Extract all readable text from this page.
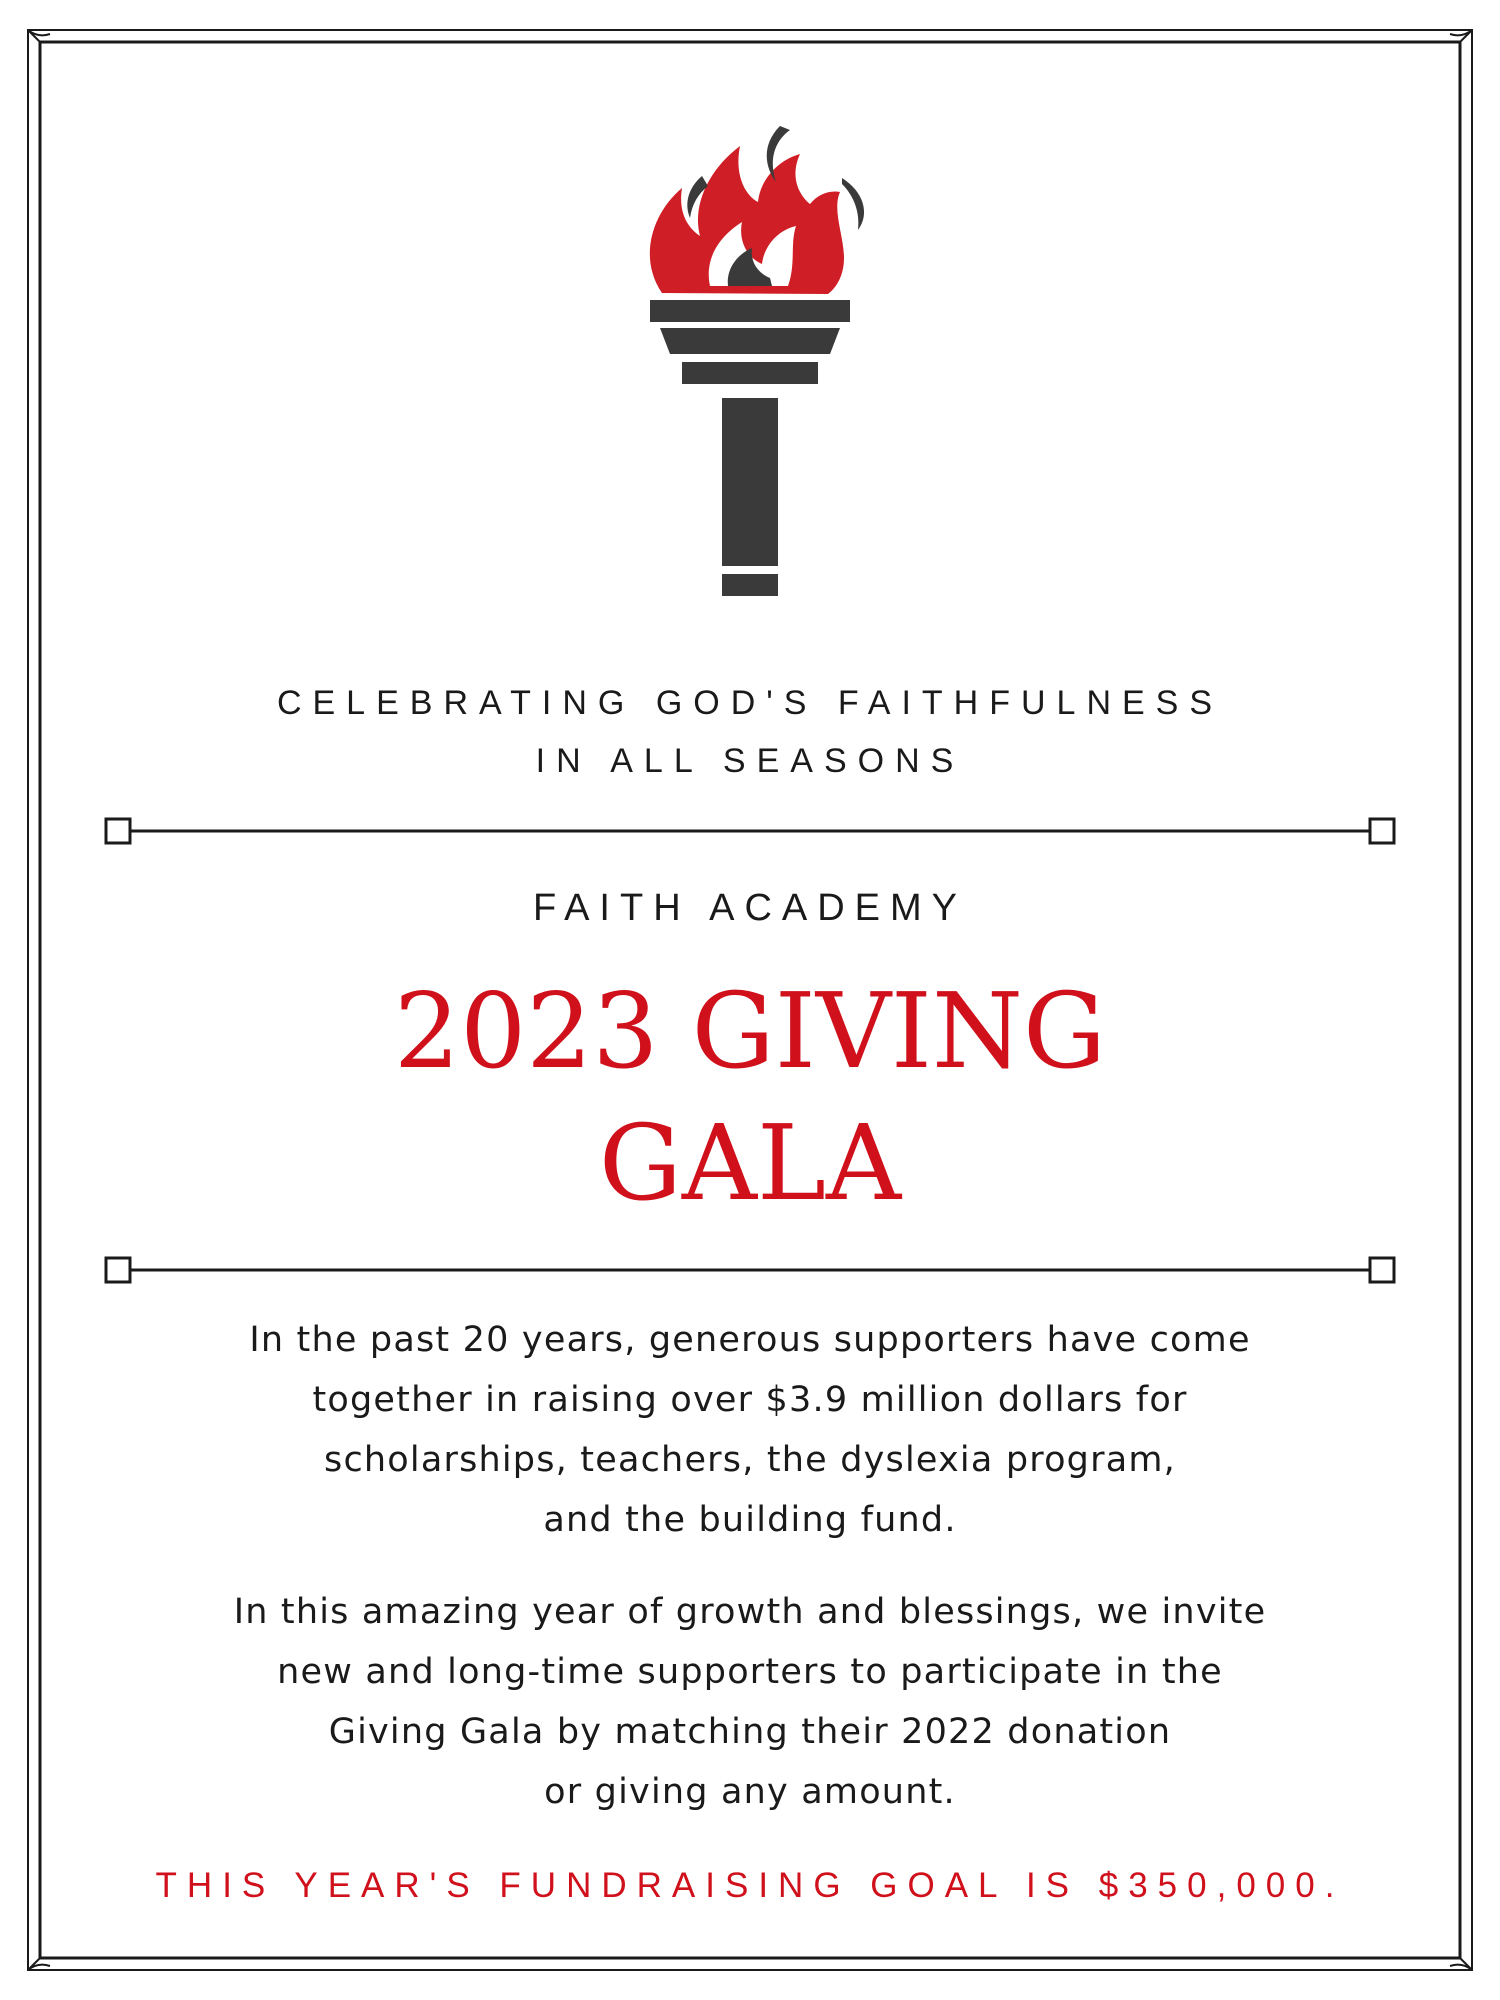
CELEBRATING GOD'S FAITHFULNESS
IN ALL SEASONS
FAITH ACADEMY
2023 GIVING
GALA
In the past 20 years, generous supporters have come
together in raising over $3.9 million dollars for
scholarships, teachers, the dyslexia program,
and the building fund.
In this amazing year of growth and blessings, we invite
new and long-time supporters to participate in the
Giving Gala by matching their 2022 donation
or giving any amount.
THIS YEAR'S FUNDRAISING GOAL IS $350,000.
